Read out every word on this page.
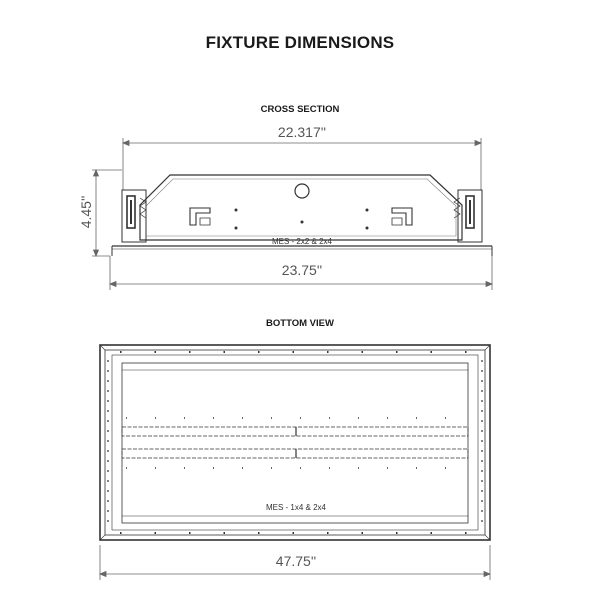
FIXTURE DIMENSIONS
CROSS SECTION
BOTTOM VIEW
22.317''
4.45''
23.75''
MES - 2x2 & 2x4
47.75''
MES - 1x4 & 2x4
